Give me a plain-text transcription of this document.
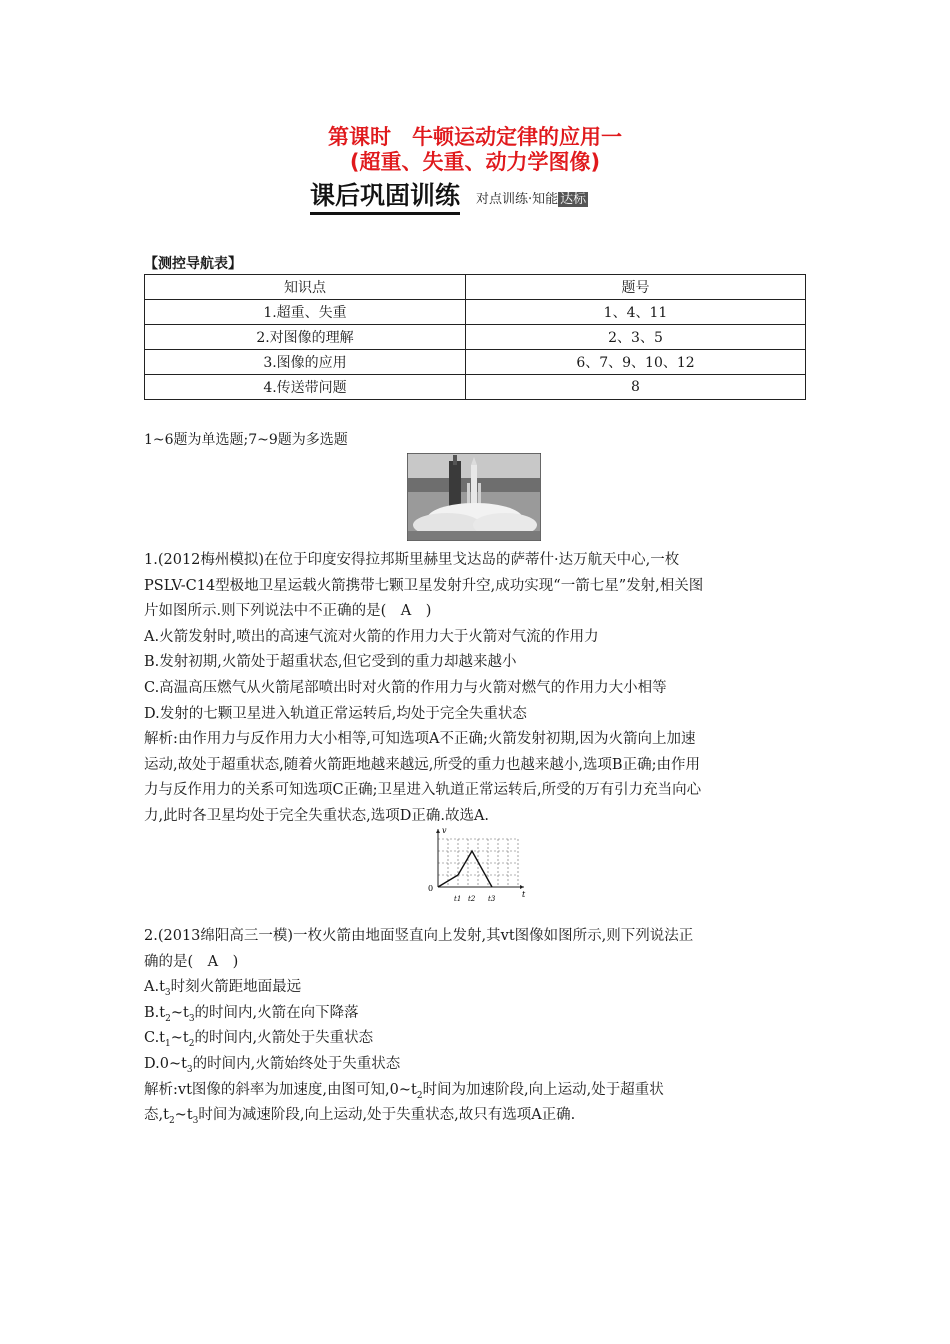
第课时　牛顿运动定律的应用一
(超重、失重、动力学图像)
课后巩固训练 对点训练·知能 达标
【测控导航表】
知识点	题号
1.超重、失重	1、4、11
2.对图像的理解	2、3、5
3.图像的应用	6、7、9、10、12
4.传送带问题	8
1~6题为单选题;7~9题为多选题
1.(2012梅州模拟)在位于印度安得拉邦斯里赫里戈达岛的萨蒂什·达万航天中心,一枚
PSLV-C14型极地卫星运载火箭携带七颗卫星发射升空,成功实现“一箭七星”发射,相关图
片如图所示.则下列说法中不正确的是(　A　)
A.火箭发射时,喷出的高速气流对火箭的作用力大于火箭对气流的作用力
B.发射初期,火箭处于超重状态,但它受到的重力却越来越小
C.高温高压燃气从火箭尾部喷出时对火箭的作用力与火箭对燃气的作用力大小相等
D.发射的七颗卫星进入轨道正常运转后,均处于完全失重状态
解析:由作用力与反作用力大小相等,可知选项A不正确;火箭发射初期,因为火箭向上加速
运动,故处于超重状态,随着火箭距地越来越远,所受的重力也越来越小,选项B正确;由作用
力与反作用力的关系可知选项C正确;卫星进入轨道正常运转后,所受的万有引力充当向心
力,此时各卫星均处于完全失重状态,选项D正确.故选A.
v
t
0
t1 t2 t3
2.(2013绵阳高三一模)一枚火箭由地面竖直向上发射,其vt图像如图所示,则下列说法正
确的是(　A　)
$A.t_3$时刻火箭距地面最远
$B.t_2\sim t_3$的时间内,火箭在向下降落
$C.t_1\sim t_2$的时间内,火箭处于失重状态
$D.0\sim t_3$的时间内,火箭始终处于失重状态
解析:vt图像的斜率为加速度,由图可知$,0\sim t_2$时间为加速阶段,向上运动,处于超重状
态$,t_2\sim t_3$时间为减速阶段,向上运动,处于失重状态,故只有选项A正确.
